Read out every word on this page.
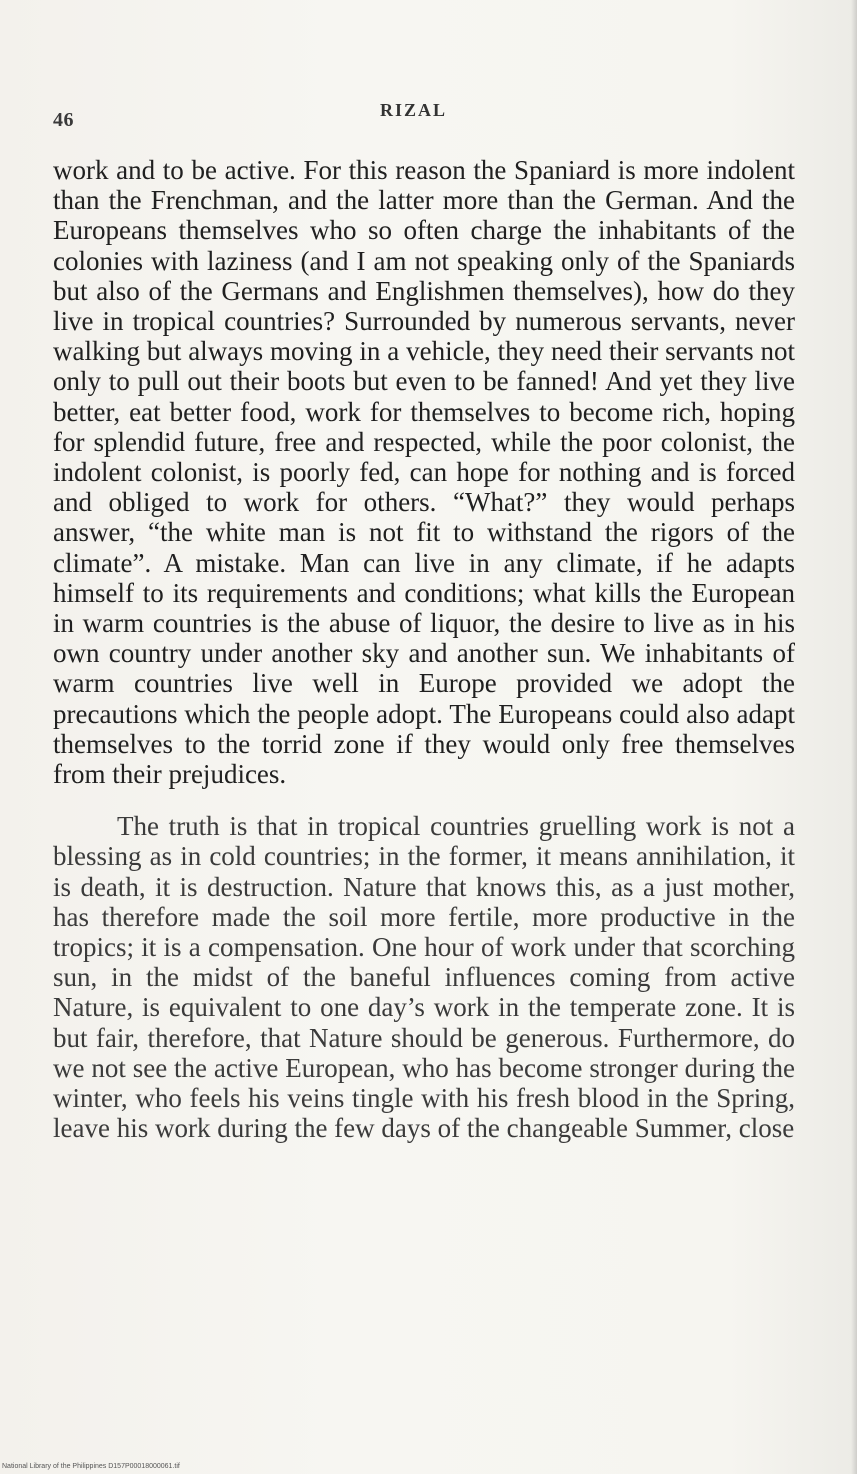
46	RIZAL

work and to be active. For this reason the Spaniard is more indolent than the Frenchman, and the latter more than the German. And the Europeans themselves who so often charge the inhabitants of the colonies with laziness (and I am not speaking only of the Spaniards but also of the Germans and Englishmen themselves), how do they live in tropical countries? Surrounded by numerous servants, never walking but always moving in a vehicle, they need their servants not only to pull out their boots but even to be fanned! And yet they live better, eat better food, work for themselves to become rich, hoping for splendid future, free and respected, while the poor colonist, the indolent colonist, is poorly fed, can hope for nothing and is forced and obliged to work for others. “What?” they would perhaps answer, “the white man is not fit to withstand the rigors of the climate”. A mistake. Man can live in any climate, if he adapts himself to its requirements and conditions; what kills the European in warm countries is the abuse of liquor, the desire to live as in his own country under another sky and another sun. We inhabitants of warm countries live well in Europe provided we adopt the precautions which the people adopt. The Europeans could also adapt themselves to the torrid zone if they would only free themselves from their prejudices.

The truth is that in tropical countries gruelling work is not a blessing as in cold countries; in the former, it means annihilation, it is death, it is destruction. Nature that knows this, as a just mother, has therefore made the soil more fertile, more productive in the tropics; it is a compensation. One hour of work under that scorching sun, in the midst of the baneful influences coming from active Nature, is equivalent to one day’s work in the temperate zone. It is but fair, therefore, that Nature should be generous. Furthermore, do we not see the active European, who has become stronger during the winter, who feels his veins tingle with his fresh blood in the Spring, leave his work during the few days of the changeable Summer, close

National Library of the Philippines D157P00018000061.tif
